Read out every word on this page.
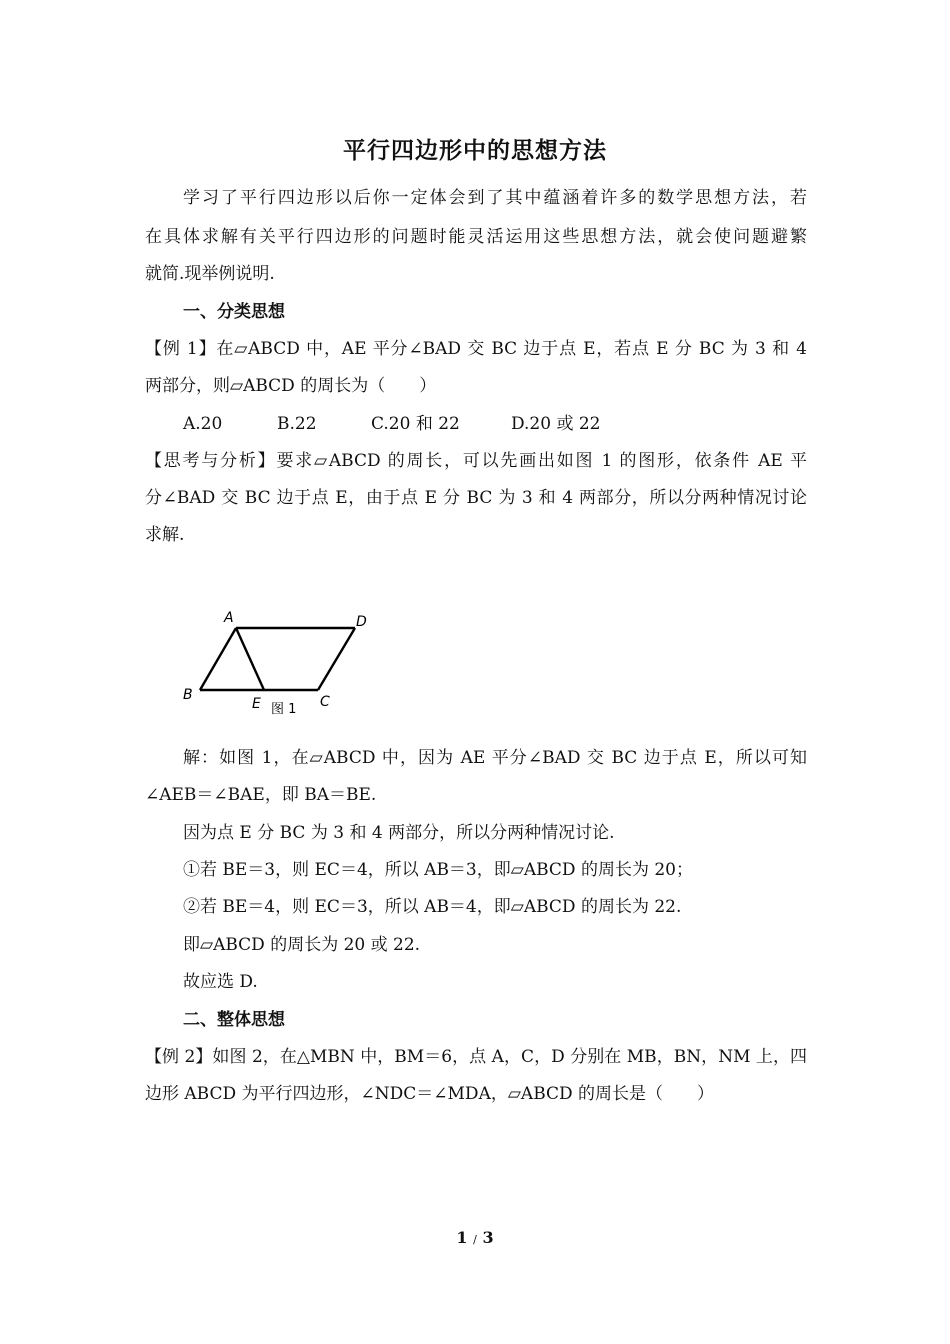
平行四边形中的思想方法
学习了平行四边形以后你一定体会到了其中蕴涵着许多的数学思想方法，若
在具体求解有关平行四边形的问题时能灵活运用这些思想方法，就会使问题避繁
就简.现举例说明.
一、分类思想
【例 1】在▱ABCD 中，AE 平分∠BAD 交 BC 边于点 E，若点 E 分 BC 为 3 和 4
两部分，则▱ABCD 的周长为（　　）
A.20	B.22	C.20 和 22	D.20 或 22
【思考与分析】要求▱ABCD 的周长，可以先画出如图 1 的图形，依条件 AE 平
分∠BAD 交 BC 边于点 E，由于点 E 分 BC 为 3 和 4 两部分，所以分两种情况讨论
求解.
A	D
B
E	C
图 1
解：如图 1，在▱ABCD 中，因为 AE 平分∠BAD 交 BC 边于点 E，所以可知
∠AEB＝∠BAE，即 BA＝BE.
因为点 E 分 BC 为 3 和 4 两部分，所以分两种情况讨论.
①若 BE＝3，则 EC＝4，所以 AB＝3，即▱ABCD 的周长为 20；
②若 BE＝4，则 EC＝3，所以 AB＝4，即▱ABCD 的周长为 22.
即▱ABCD 的周长为 20 或 22.
故应选 D.
二、整体思想
【例 2】如图 2，在△MBN 中，BM＝6，点 A，C，D 分别在 MB，BN，NM 上，四
边形 ABCD 为平行四边形，∠NDC＝∠MDA，▱ABCD 的周长是（　　）
1 / 3
